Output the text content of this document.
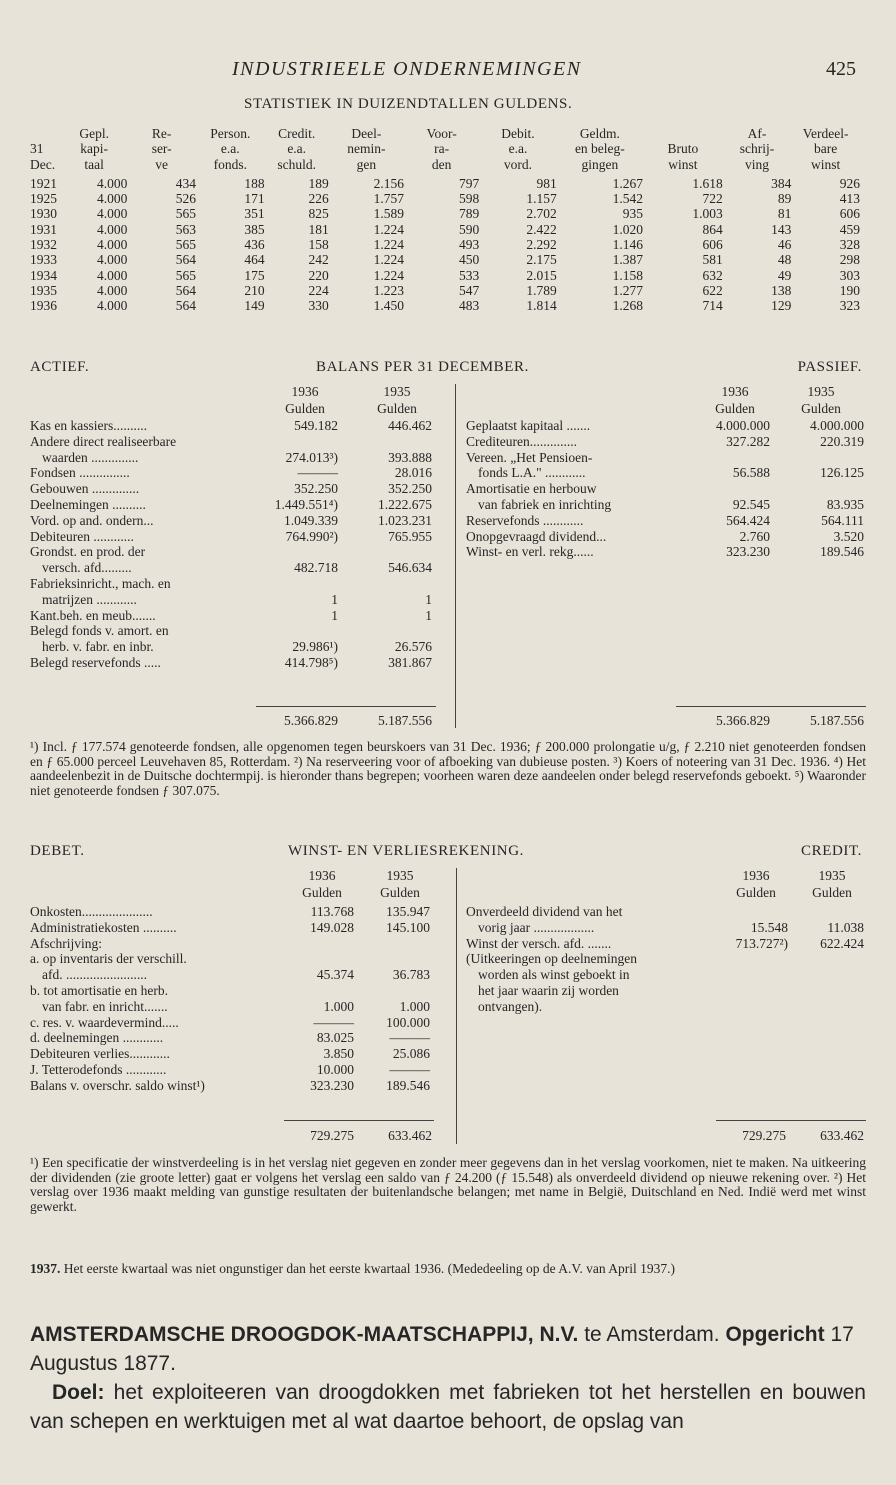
INDUSTRIEELE ONDERNEMINGEN	425
STATISTIEK IN DUIZENDTALLEN GULDENS.
	Gepl.	Re-	Person.	Credit.	Deel-	Voor-	Debit.	Geldm.		Af-	Verdeel-
31	kapi-	ser-	e.a.	e.a.	nemin-	ra-	e.a.	en beleg-	Bruto	schrij-	bare
Dec.	taal	ve	fonds.	schuld.	gen	den	vord.	gingen	winst	ving	winst
1921	4.000	434	188	189	2.156	797	981	1.267	1.618	384	926
1925	4.000	526	171	226	1.757	598	1.157	1.542	722	89	413
1930	4.000	565	351	825	1.589	789	2.702	935	1.003	81	606
1931	4.000	563	385	181	1.224	590	2.422	1.020	864	143	459
1932	4.000	565	436	158	1.224	493	2.292	1.146	606	46	328
1933	4.000	564	464	242	1.224	450	2.175	1.387	581	48	298
1934	4.000	565	175	220	1.224	533	2.015	1.158	632	49	303
1935	4.000	564	210	224	1.223	547	1.789	1.277	622	138	190
1936	4.000	564	149	330	1.450	483	1.814	1.268	714	129	323
ACTIEF.	BALANS PER 31 DECEMBER.	PASSIEF.
1936	1935
Gulden	Gulden
1936	1935
Gulden	Gulden
Kas en kassiers..........	549.182	446.462
Andere direct realiseerbare
waarden ..............	274.013³)	393.888
Fondsen ...............	———	28.016
Gebouwen ..............	352.250	352.250
Deelnemingen ..........	1.449.551⁴)	1.222.675
Vord. op and. ondern...	1.049.339	1.023.231
Debiteuren ............	764.990²)	765.955
Grondst. en prod. der
versch. afd.........	482.718	546.634
Fabrieksinricht., mach. en
matrijzen ............	1	1
Kant.beh. en meub.......	1	1
Belegd fonds v. amort. en
herb. v. fabr. en inbr.	29.986¹)	26.576
Belegd reservefonds .....	414.798⁵)	381.867
Geplaatst kapitaal .......	4.000.000	4.000.000
Crediteuren..............	327.282	220.319
Vereen. „Het Pensioen-
fonds L.A." ............	56.588	126.125
Amortisatie en herbouw
van fabriek en inrichting	92.545	83.935
Reservefonds ............	564.424	564.111
Onopgevraagd dividend...	2.760	3.520
Winst- en verl. rekg......	323.230	189.546
5.366.829	5.187.556	5.366.829	5.187.556
¹) Incl. ƒ 177.574 genoteerde fondsen, alle opgenomen tegen beurskoers van 31 Dec. 1936; ƒ 200.000 prolongatie u/g, ƒ 2.210 niet genoteerden fondsen en ƒ 65.000 perceel Leuvehaven 85, Rotterdam. ²) Na reserveering voor of afboeking van dubieuse posten. ³) Koers of noteering van 31 Dec. 1936. ⁴) Het aandeelenbezit in de Duitsche dochtermpij. is hieronder thans begrepen; voorheen waren deze aandeelen onder belegd reservefonds geboekt. ⁵) Waaronder niet genoteerde fondsen ƒ 307.075.
DEBET.	WINST- EN VERLIESREKENING.	CREDIT.
1936	1935
Gulden	Gulden
1936	1935
Gulden	Gulden
Onkosten.....................	113.768	135.947
Administratiekosten ..........	149.028	145.100
Afschrijving:
a. op inventaris der verschill.
afd. ........................	45.374	36.783
b. tot amortisatie en herb.
van fabr. en inricht.......	1.000	1.000
c. res. v. waardevermind.....	———	100.000
d. deelnemingen ............	83.025	———
Debiteuren verlies............	3.850	25.086
J. Tetterodefonds ............	10.000	———
Balans v. overschr. saldo winst¹)	323.230	189.546
Onverdeeld dividend van het
vorig jaar ..................	15.548	11.038
Winst der versch. afd. .......	713.727²)	622.424
(Uitkeeringen op deelnemingen
worden als winst geboekt in
het jaar waarin zij worden
ontvangen).
729.275	633.462	729.275	633.462
¹) Een specificatie der winstverdeeling is in het verslag niet gegeven en zonder meer gegevens dan in het verslag voorkomen, niet te maken. Na uitkeering der dividenden (zie groote letter) gaat er volgens het verslag een saldo van ƒ 24.200 (ƒ 15.548) als onverdeeld dividend op nieuwe rekening over. ²) Het verslag over 1936 maakt melding van gunstige resultaten der buitenlandsche belangen; met name in België, Duitschland en Ned. Indië werd met winst gewerkt.
1937. Het eerste kwartaal was niet ongunstiger dan het eerste kwartaal 1936. (Mededeeling op de A.V. van April 1937.)
AMSTERDAMSCHE DROOGDOK-MAATSCHAPPIJ, N.V. te Amsterdam. Opgericht 17 Augustus 1877.
Doel: het exploiteeren van droogdokken met fabrieken tot het herstellen en bouwen van schepen en werktuigen met al wat daartoe behoort, de opslag van
